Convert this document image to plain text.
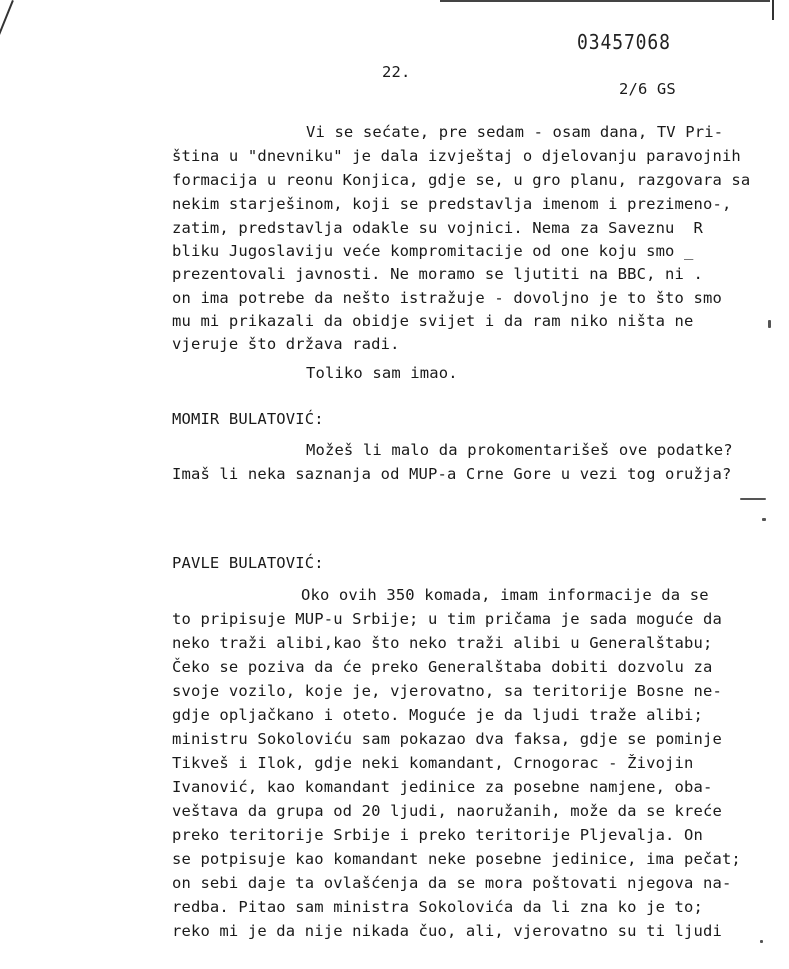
03457068
22.
2/6 GS
Vi se sećate, pre sedam - osam dana, TV Pri-
ština u "dnevniku" je dala izvještaj o djelovanju paravojnih
formacija u reonu Konjica, gdje se, u gro planu, razgovara sa
nekim starješinom, koji se predstavlja imenom i prezimeno-,
zatim, predstavlja odakle su vojnici. Nema za Saveznu  R
bliku Jugoslaviju veće kompromitacije od one koju smo _
prezentovali javnosti. Ne moramo se ljutiti na BBC, ni .
on ima potrebe da nešto istražuje - dovoljno je to što smo
mu mi prikazali da obidje svijet i da ram niko ništa ne
vjeruje što država radi.
Toliko sam imao.
MOMIR BULATOVIĆ:
Možeš li malo da prokomentarišeš ove podatke?
Imaš li neka saznanja od MUP-a Crne Gore u vezi tog oružja?
PAVLE BULATOVIĆ:
Oko ovih 350 komada, imam informacije da se
to pripisuje MUP-u Srbije; u tim pričama je sada moguće da
neko traži alibi,kao što neko traži alibi u Generalštabu;
Čeko se poziva da će preko Generalštaba dobiti dozvolu za
svoje vozilo, koje je, vjerovatno, sa teritorije Bosne ne-
gdje opljačkano i oteto. Moguće je da ljudi traže alibi;
ministru Sokoloviću sam pokazao dva faksa, gdje se pominje
Tikveš i Ilok, gdje neki komandant, Crnogorac - Živojin
Ivanović, kao komandant jedinice za posebne namjene, oba-
veštava da grupa od 20 ljudi, naoružanih, može da se kreće
preko teritorije Srbije i preko teritorije Pljevalja. On
se potpisuje kao komandant neke posebne jedinice, ima pečat;
on sebi daje ta ovlašćenja da se mora poštovati njegova na-
redba. Pitao sam ministra Sokolovića da li zna ko je to;
reko mi je da nije nikada čuo, ali, vjerovatno su ti ljudi
